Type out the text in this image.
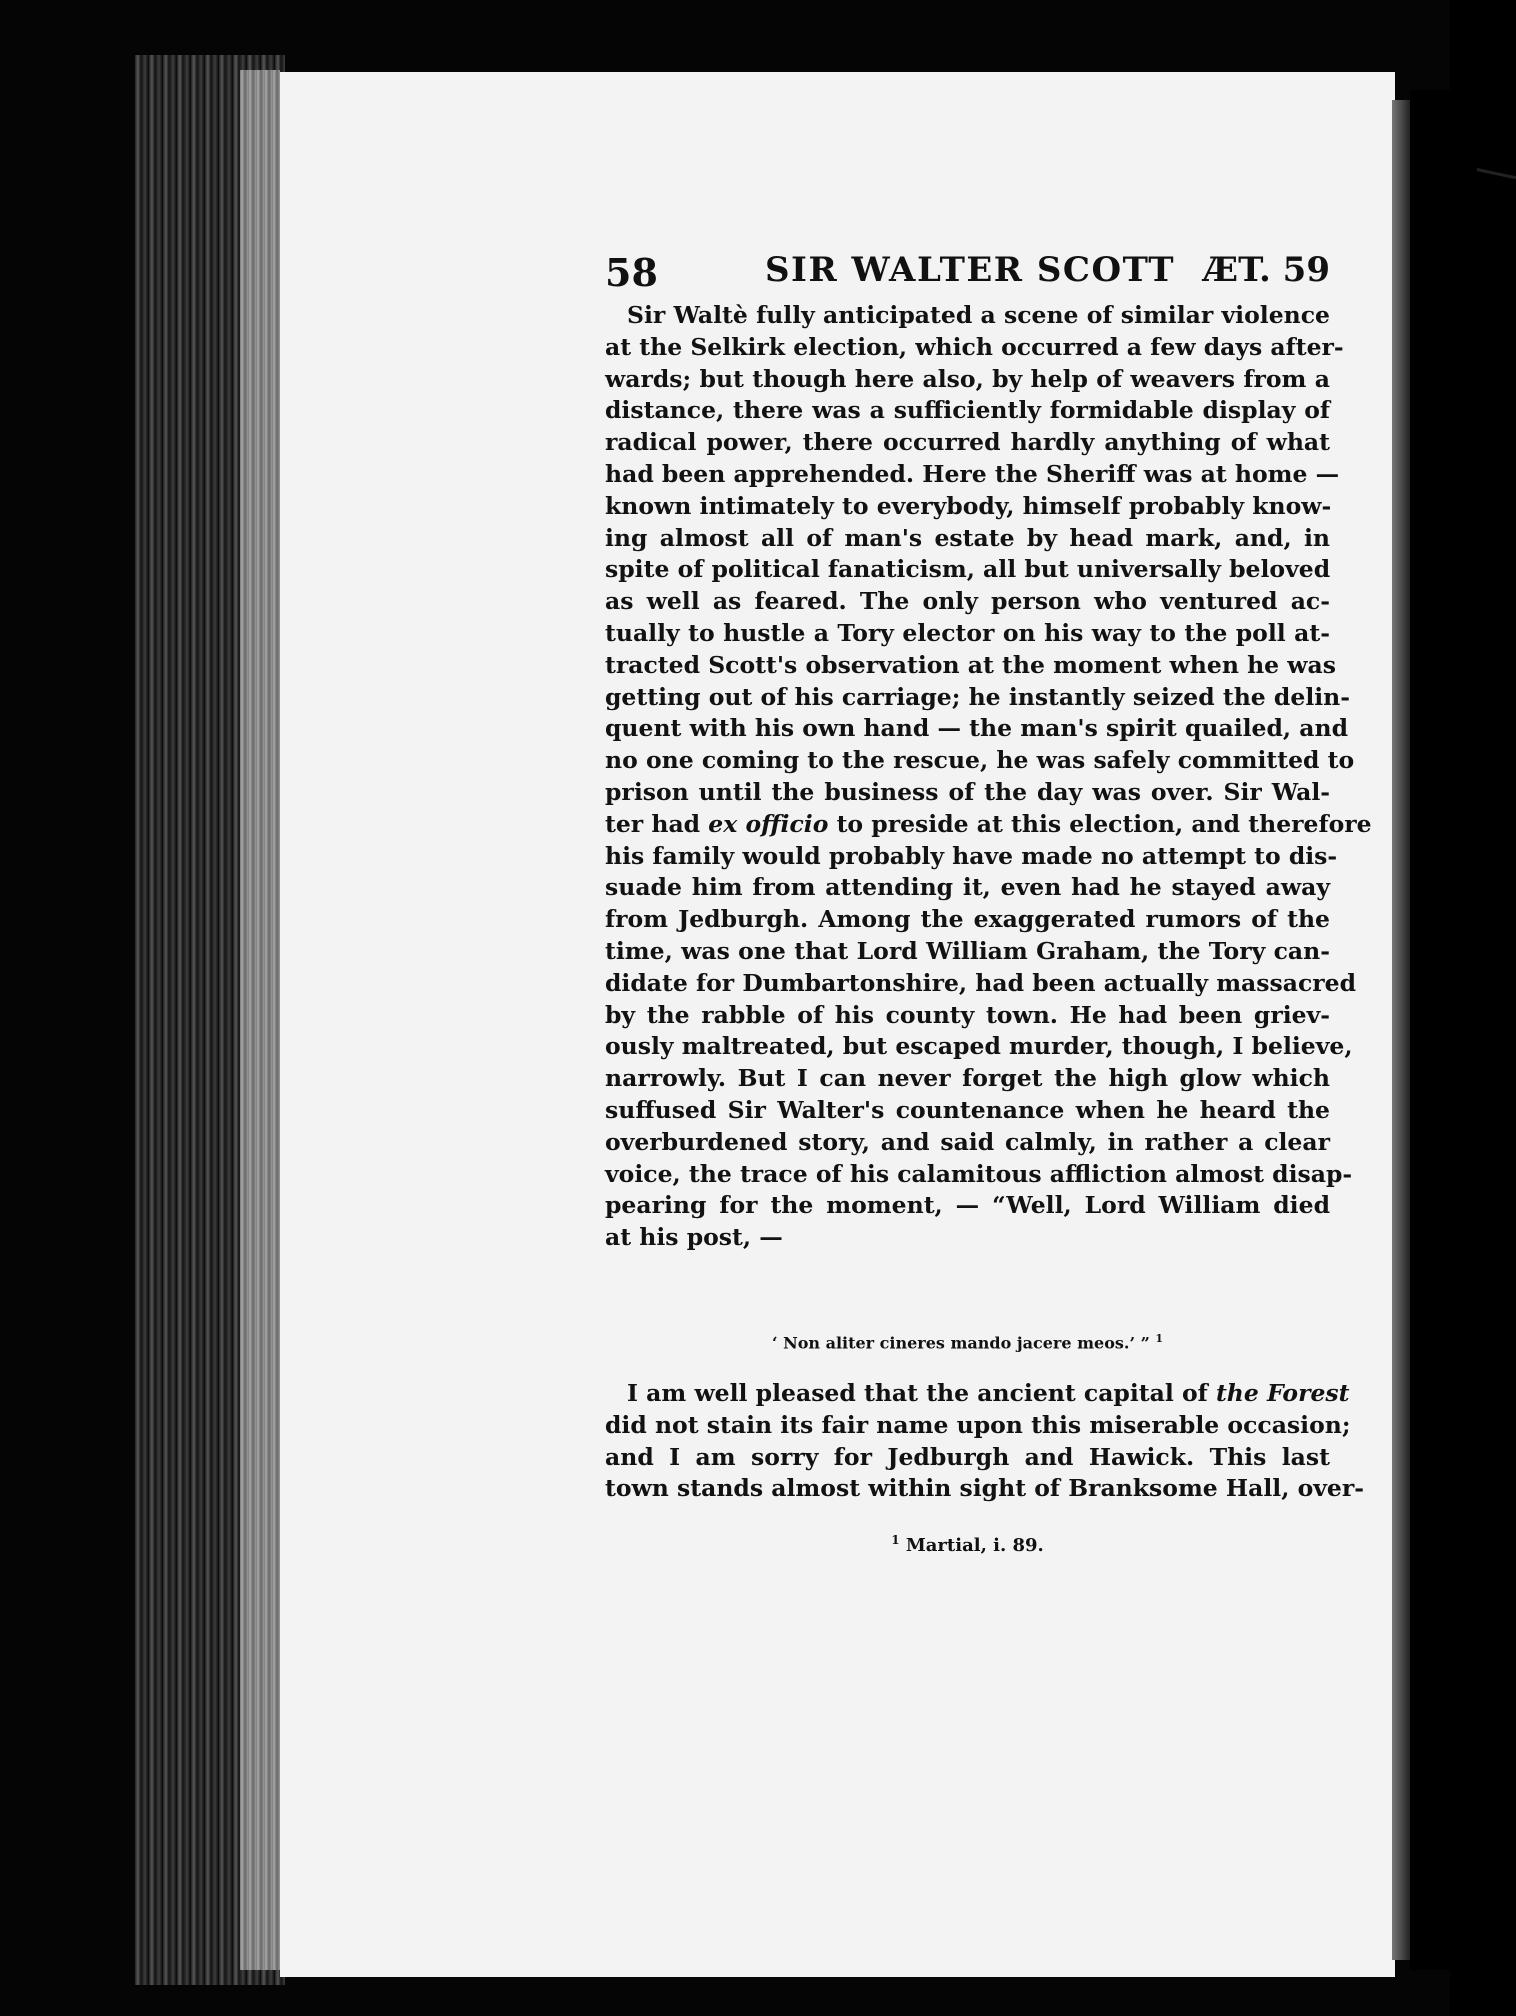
58	SIR WALTER SCOTT ÆT. 59
Sir Waltè fully anticipated a scene of similar violence
at the Selkirk election, which occurred a few days after-
wards; but though here also, by help of weavers from a
distance, there was a sufficiently formidable display of
radical power, there occurred hardly anything of what
had been apprehended. Here the Sheriff was at home —
known intimately to everybody, himself probably know-
ing almost all of man's estate by head mark, and, in
spite of political fanaticism, all but universally beloved
as well as feared. The only person who ventured ac-
tually to hustle a Tory elector on his way to the poll at-
tracted Scott's observation at the moment when he was
getting out of his carriage; he instantly seized the delin-
quent with his own hand — the man's spirit quailed, and
no one coming to the rescue, he was safely committed to
prison until the business of the day was over. Sir Wal-
ter had ex officio to preside at this election, and therefore
his family would probably have made no attempt to dis-
suade him from attending it, even had he stayed away
from Jedburgh. Among the exaggerated rumors of the
time, was one that Lord William Graham, the Tory can-
didate for Dumbartonshire, had been actually massacred
by the rabble of his county town. He had been griev-
ously maltreated, but escaped murder, though, I believe,
narrowly. But I can never forget the high glow which
suffused Sir Walter's countenance when he heard the
overburdened story, and said calmly, in rather a clear
voice, the trace of his calamitous affliction almost disap-
pearing for the moment, — “Well, Lord William died
at his post, —
‘ Non aliter cineres mando jacere meos.’ ” $^1$
I am well pleased that the ancient capital of the Forest
did not stain its fair name upon this miserable occasion;
and I am sorry for Jedburgh and Hawick. This last
town stands almost within sight of Branksome Hall, over-
$^1$ Martial, i. 89.
